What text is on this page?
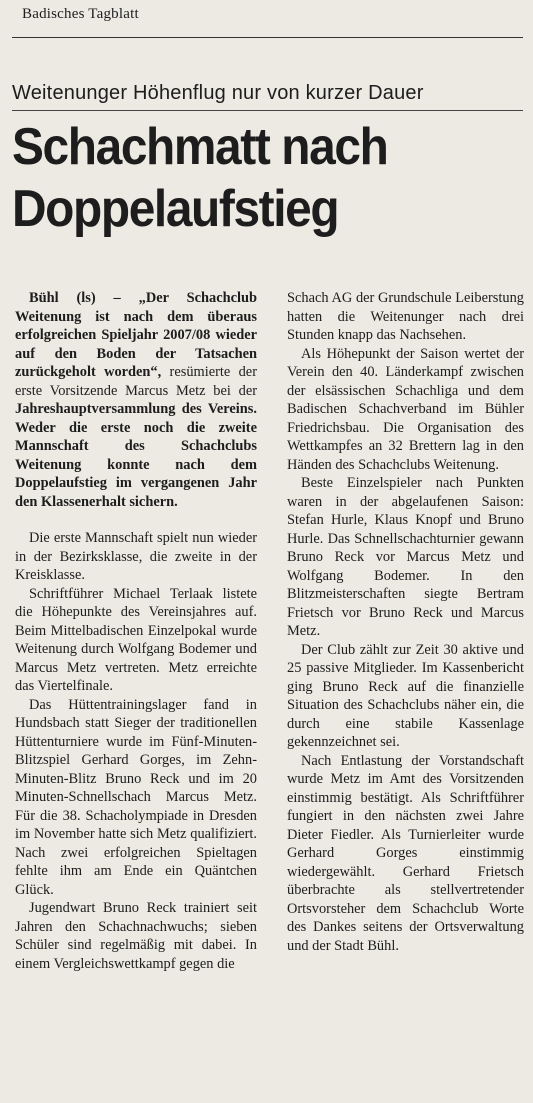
Badisches Tagblatt
Weitenunger Höhenflug nur von kurzer Dauer
Schachmatt nach
Doppelaufstieg

Bühl (ls) – „Der Schachclub Weitenung ist nach dem überaus erfolgreichen Spieljahr 2007/08 wieder auf den Boden der Tatsachen zurückgeholt worden“, resümierte der erste Vorsitzende Marcus Metz bei der Jahreshauptversammlung des Vereins. Weder die erste noch die zweite Mannschaft des Schachclubs Weitenung konnte nach dem Doppelaufstieg im vergangenen Jahr den Klassenerhalt sichern.

Die erste Mannschaft spielt nun wieder in der Bezirksklasse, die zweite in der Kreisklasse.

Schriftführer Michael Terlaak listete die Höhepunkte des Vereinsjahres auf. Beim Mittelbadischen Einzelpokal wurde Weitenung durch Wolfgang Bodemer und Marcus Metz vertreten. Metz erreichte das Viertelfinale.

Das Hüttentrainingslager fand in Hundsbach statt Sieger der traditionellen Hüttenturniere wurde im Fünf-Minuten-Blitzspiel Gerhard Gorges, im Zehn-Minuten-Blitz Bruno Reck und im 20 Minuten-Schnellschach Marcus Metz. Für die 38. Schacholympiade in Dresden im November hatte sich Metz qualifiziert. Nach zwei erfolgreichen Spieltagen fehlte ihm am Ende ein Quäntchen Glück.

Jugendwart Bruno Reck trainiert seit Jahren den Schachnachwuchs; sieben Schüler sind regelmäßig mit dabei. In einem Vergleichswettkampf gegen die

Schach AG der Grundschule Leiberstung hatten die Weitenunger nach drei Stunden knapp das Nachsehen.

Als Höhepunkt der Saison wertet der Verein den 40. Länderkampf zwischen der elsässischen Schachliga und dem Badischen Schachverband im Bühler Friedrichsbau. Die Organisation des Wettkampfes an 32 Brettern lag in den Händen des Schachclubs Weitenung.

Beste Einzelspieler nach Punkten waren in der abgelaufenen Saison: Stefan Hurle, Klaus Knopf und Bruno Hurle. Das Schnellschachturnier gewann Bruno Reck vor Marcus Metz und Wolfgang Bodemer. In den Blitzmeisterschaften siegte Bertram Frietsch vor Bruno Reck und Marcus Metz.

Der Club zählt zur Zeit 30 aktive und 25 passive Mitglieder. Im Kassenbericht ging Bruno Reck auf die finanzielle Situation des Schachclubs näher ein, die durch eine stabile Kassenlage gekennzeichnet sei.

Nach Entlastung der Vorstandschaft wurde Metz im Amt des Vorsitzenden einstimmig bestätigt. Als Schriftführer fungiert in den nächsten zwei Jahre Dieter Fiedler. Als Turnierleiter wurde Gerhard Gorges einstimmig wiedergewählt. Gerhard Frietsch überbrachte als stellvertretender Ortsvorsteher dem Schachclub Worte des Dankes seitens der Ortsverwaltung und der Stadt Bühl.
